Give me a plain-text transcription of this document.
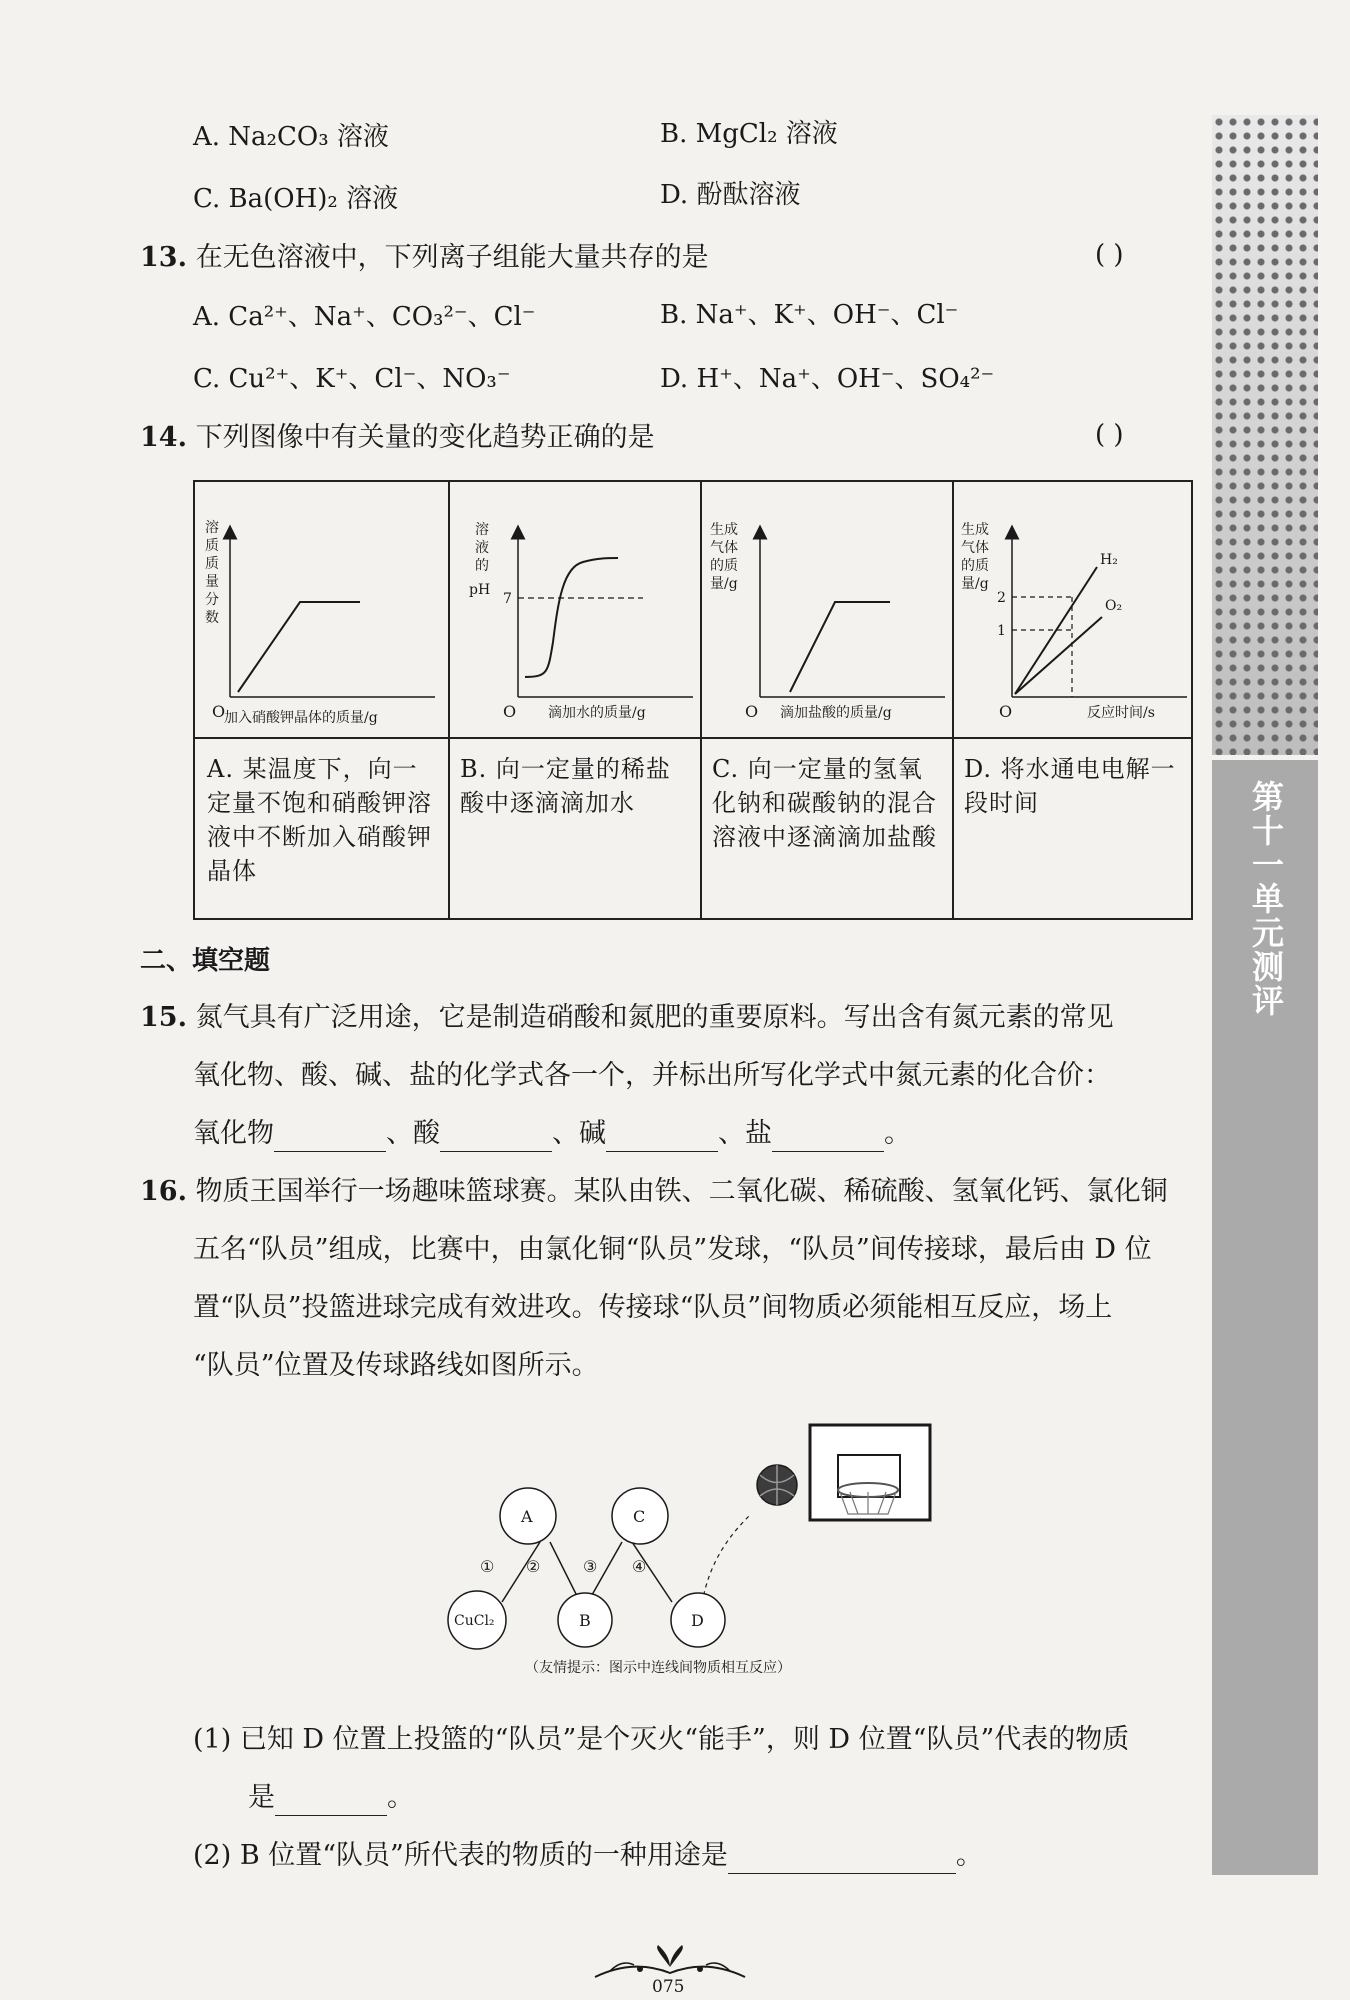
第十一单元测评
A. Na₂CO₃ 溶液	B. MgCl₂ 溶液
C. Ba(OH)₂ 溶液	D. 酚酞溶液
13. 在无色溶液中，下列离子组能大量共存的是	( )
A. Ca²⁺、Na⁺、CO₃²⁻、Cl⁻	B. Na⁺、K⁺、OH⁻、Cl⁻
C. Cu²⁺、K⁺、Cl⁻、NO₃⁻	D. H⁺、Na⁺、OH⁻、SO₄²⁻
14. 下列图像中有关量的变化趋势正确的是	( )
溶 质 质 量 分 数
O
加入硝酸钾晶体的质量/g
溶 液 的 pH
7
O 滴加水的质量/g
生成 气体 的质 量/g
O 滴加盐酸的质量/g
生成 气体 的质 量/g
2
1
H₂
O₂
O	反应时间/s
A. 某温度下，向一定量不饱和硝酸钾溶液中不断加入硝酸钾晶体
B. 向一定量的稀盐酸中逐滴滴加水
C. 向一定量的氢氧化钠和碳酸钠的混合溶液中逐滴滴加盐酸
D. 将水通电电解一段时间
二、填空题
15. 氮气具有广泛用途，它是制造硝酸和氮肥的重要原料。写出含有氮元素的常见
氧化物、酸、碱、盐的化学式各一个，并标出所写化学式中氮元素的化合价：
氧化物	、酸	、碱	、盐	。
16. 物质王国举行一场趣味篮球赛。某队由铁、二氧化碳、稀硫酸、氢氧化钙、氯化铜
五名“队员”组成，比赛中，由氯化铜“队员”发球，“队员”间传接球，最后由 D 位
置“队员”投篮进球完成有效进攻。传接球“队员”间物质必须能相互反应，场上
“队员”位置及传球路线如图所示。
A	C
CuCl₂	B	D
① ②	③ ④
（友情提示：图示中连线间物质相互反应）
(1) 已知 D 位置上投篮的“队员”是个灭火“能手”，则 D 位置“队员”代表的物质
是	。
(2) B 位置“队员”所代表的物质的一种用途是	。
075
